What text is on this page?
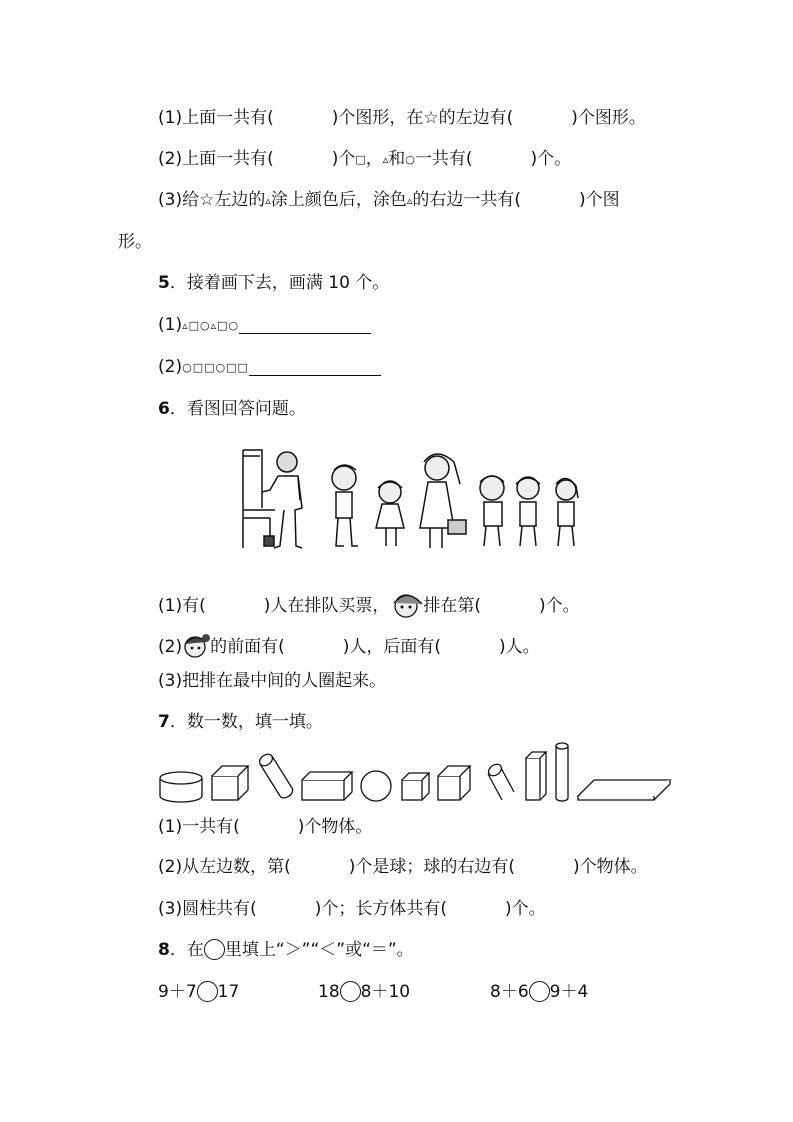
(1)上面一共有(	)个图形，在☆的左边有(	)个图形。
(2)上面一共有(	)个□，▵和○一共有(	)个。
(3)给☆左边的▵涂上颜色后，涂色▵的右边一共有(	)个图
形。
5．接着画下去，画满 10 个。
(1)▵□○▵□○
(2)○□□○□□
6．看图回答问题。
(1)有(	)人在排队买票， 排在第(	)个。
(2) 的前面有(	)人，后面有(	)人。
(3)把排在最中间的人圈起来。
7．数一数，填一填。
(1)一共有(	)个物体。
(2)从左边数，第(	)个是球；球的右边有(	)个物体。
(3)圆柱共有(	)个；长方体共有(	)个。
8．在 里填上“＞”“＜”或“＝”。
9＋7 17	18 8＋10	8＋6 9＋4
